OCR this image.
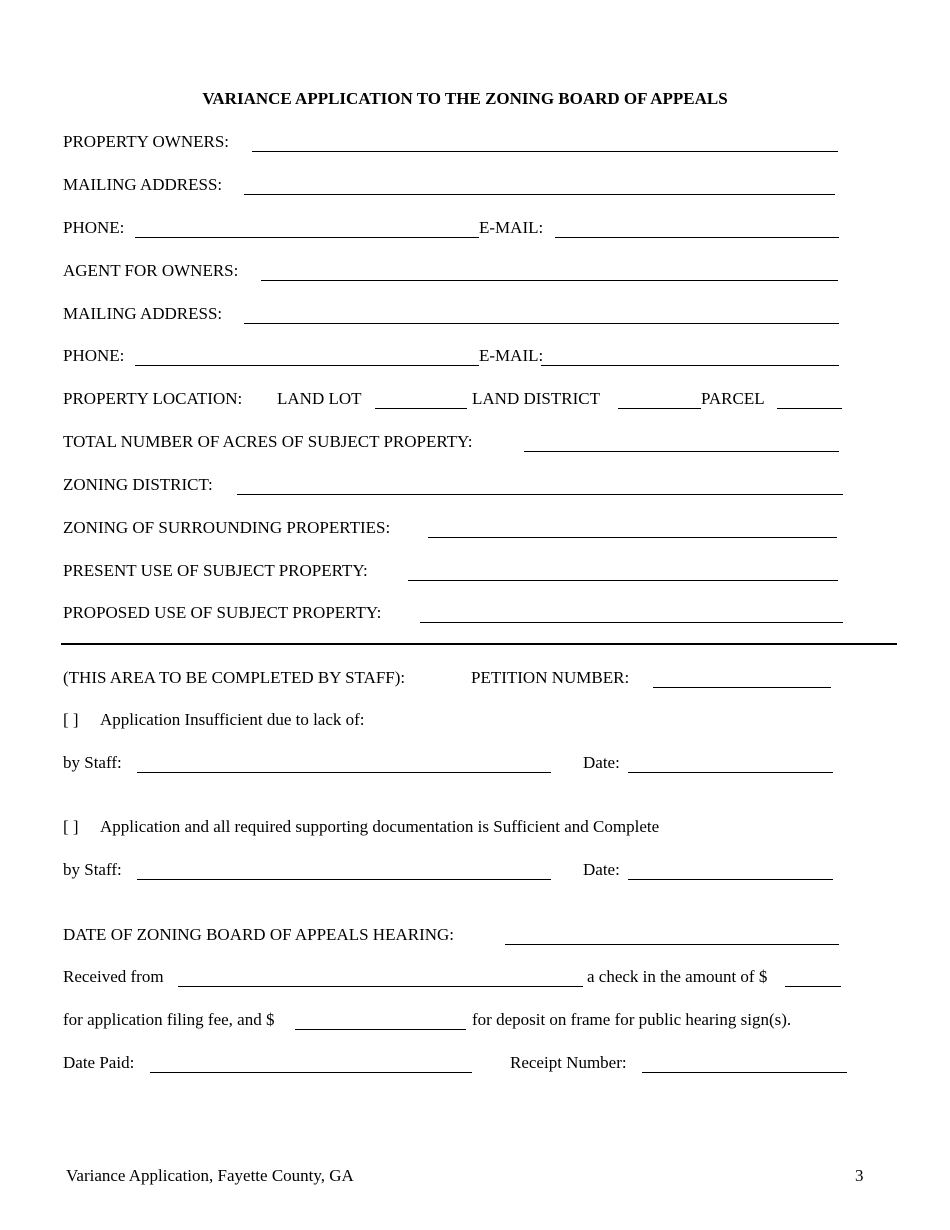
VARIANCE APPLICATION TO THE ZONING BOARD OF APPEALS
PROPERTY OWNERS:
MAILING ADDRESS:
PHONE:	E-MAIL:
AGENT FOR OWNERS:
MAILING ADDRESS:
PHONE:	E-MAIL:
PROPERTY LOCATION: LAND LOT	LAND DISTRICT	PARCEL
TOTAL NUMBER OF ACRES OF SUBJECT PROPERTY:
ZONING DISTRICT:
ZONING OF SURROUNDING PROPERTIES:
PRESENT USE OF SUBJECT PROPERTY:
PROPOSED USE OF SUBJECT PROPERTY:
(THIS AREA TO BE COMPLETED BY STAFF):	PETITION NUMBER:
[ ] Application Insufficient due to lack of:
by Staff:	Date:
[ ] Application and all required supporting documentation is Sufficient and Complete
by Staff:	Date:
DATE OF ZONING BOARD OF APPEALS HEARING:
Received from	a check in the amount of $
for application filing fee, and $	for deposit on frame for public hearing sign(s).
Date Paid:	Receipt Number:
Variance Application, Fayette County, GA	3
